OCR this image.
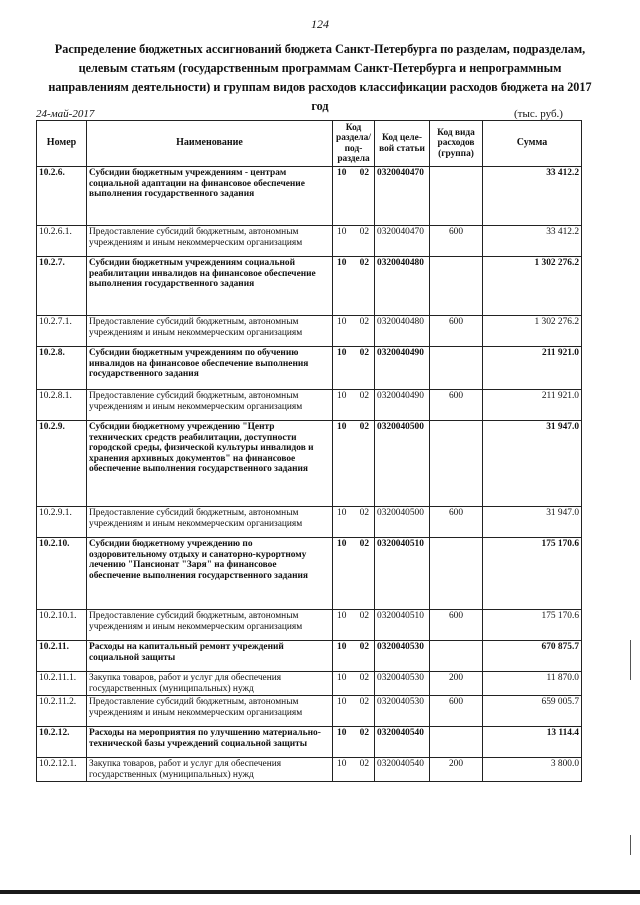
124
Распределение бюджетных ассигнований бюджета Санкт-Петербурга по разделам, подразделам, целевым статьям (государственным программам Санкт-Петербурга и непрограммным направлениям деятельности) и группам видов расходов классификации расходов бюджета на 2017 год
24-май-2017	(тыс. руб.)
Номер	Наименование	Код раздела/ под- раздела	Код целе- вой статьи	Код вида расходов (группа)	Сумма
10.2.6.	Субсидии бюджетным учреждениям - центрам социальной адаптации на финансовое обеспечение выполнения государственного задания	10 02	0320040470		33 412.2
10.2.6.1.	Предоставление субсидий бюджетным, автономным учреждениям и иным некоммерческим организациям	10 02	0320040470	600	33 412.2
10.2.7.	Субсидии бюджетным учреждениям социальной реабилитации инвалидов на финансовое обеспечение выполнения государственного задания	10 02	0320040480		1 302 276.2
10.2.7.1.	Предоставление субсидий бюджетным, автономным учреждениям и иным некоммерческим организациям	10 02	0320040480	600	1 302 276.2
10.2.8.	Субсидии бюджетным учреждениям по обучению инвалидов на финансовое обеспечение выполнения государственного задания	10 02	0320040490		211 921.0
10.2.8.1.	Предоставление субсидий бюджетным, автономным учреждениям и иным некоммерческим организациям	10 02	0320040490	600	211 921.0
10.2.9.	Субсидии бюджетному учреждению "Центр технических средств реабилитации, доступности городской среды, физической культуры инвалидов и хранения архивных документов" на финансовое обеспечение выполнения государственного задания	10 02	0320040500		31 947.0
10.2.9.1.	Предоставление субсидий бюджетным, автономным учреждениям и иным некоммерческим организациям	10 02	0320040500	600	31 947.0
10.2.10.	Субсидии бюджетному учреждению по оздоровительному отдыху и санаторно-курортному лечению "Пансионат "Заря" на финансовое обеспечение выполнения государственного задания	10 02	0320040510		175 170.6
10.2.10.1.	Предоставление субсидий бюджетным, автономным учреждениям и иным некоммерческим организациям	10 02	0320040510	600	175 170.6
10.2.11.	Расходы на капитальный ремонт учреждений социальной защиты	10 02	0320040530		670 875.7
10.2.11.1.	Закупка товаров, работ и услуг для обеспечения государственных (муниципальных) нужд	10 02	0320040530	200	11 870.0
10.2.11.2.	Предоставление субсидий бюджетным, автономным учреждениям и иным некоммерческим организациям	10 02	0320040530	600	659 005.7
10.2.12.	Расходы на мероприятия по улучшению материально-технической базы учреждений социальной защиты	10 02	0320040540		13 114.4
10.2.12.1.	Закупка товаров, работ и услуг для обеспечения государственных (муниципальных) нужд	10 02	0320040540	200	3 800.0
